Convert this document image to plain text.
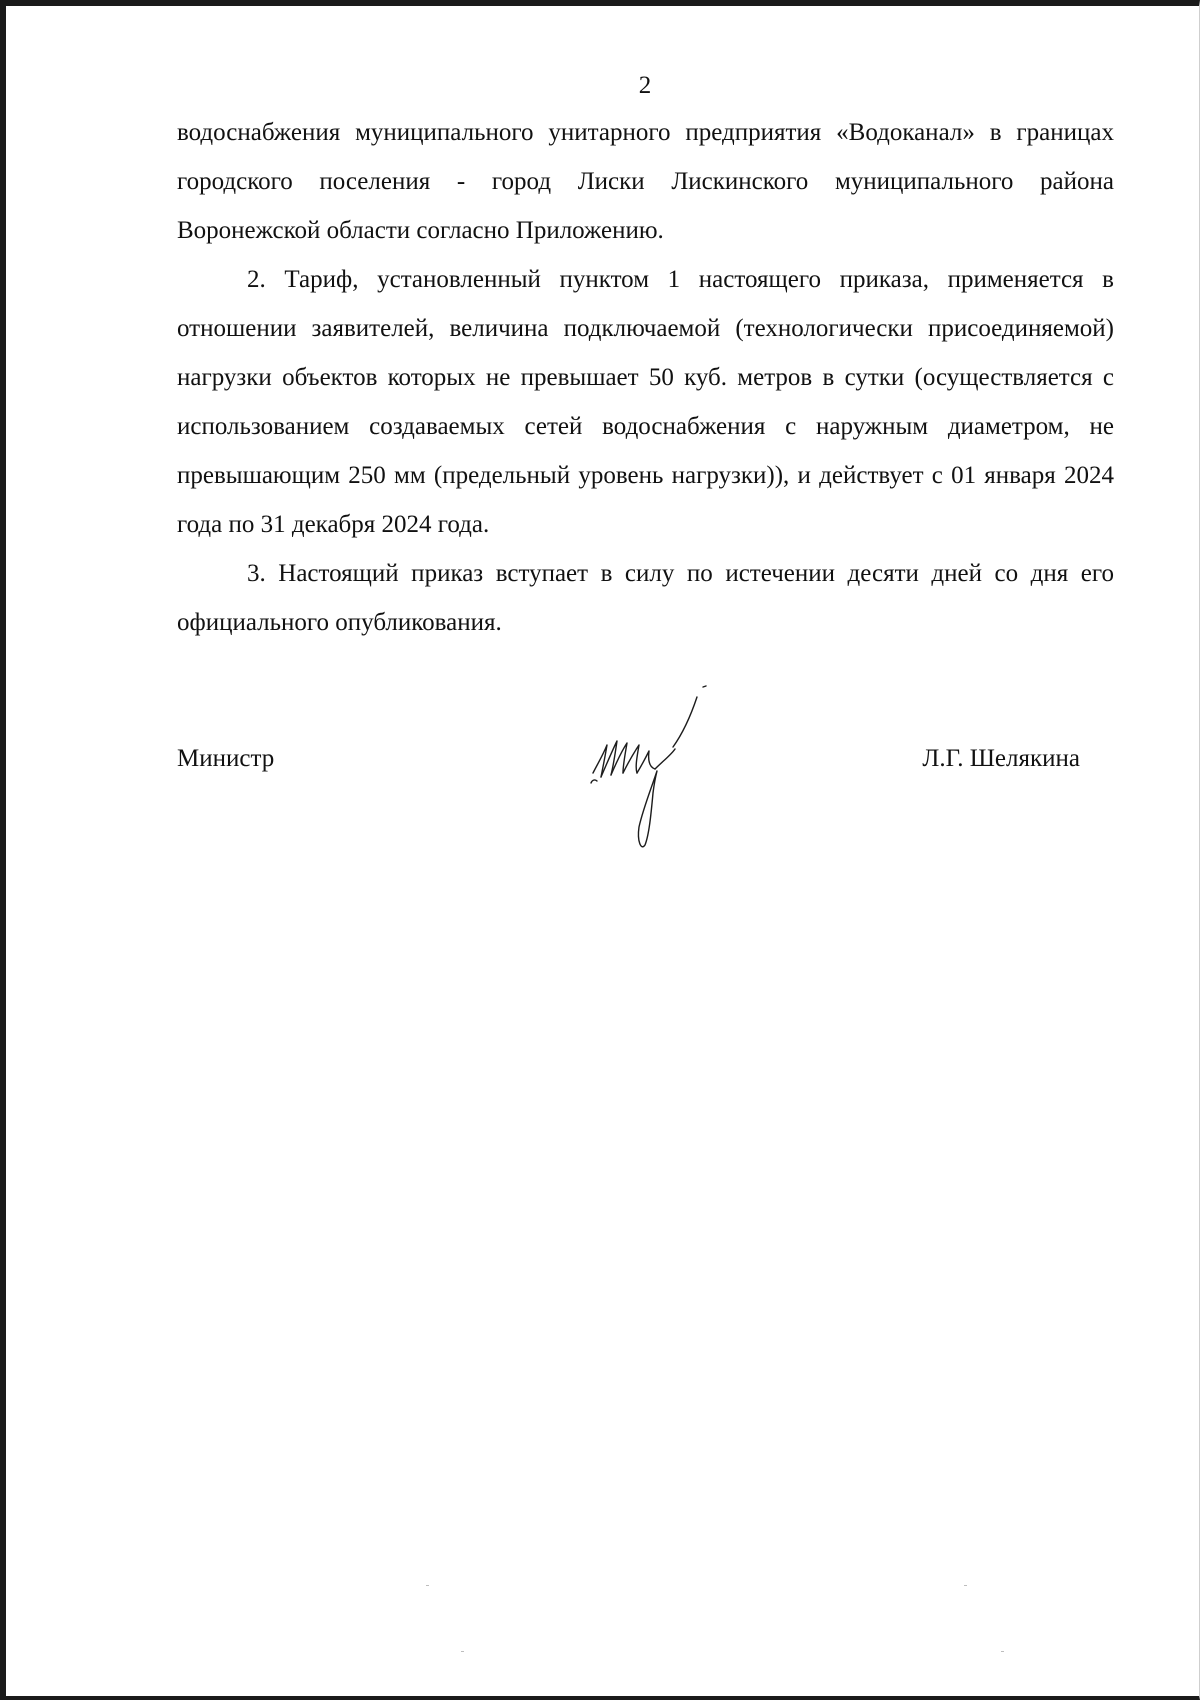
2

водоснабжения муниципального унитарного предприятия «Водоканал» в границах городского поселения - город Лиски Лискинского муниципального района Воронежской области согласно Приложению.

2. Тариф, установленный пунктом 1 настоящего приказа, применяется в отношении заявителей, величина подключаемой (технологически присоединяемой) нагрузки объектов которых не превышает 50 куб. метров в сутки (осуществляется с использованием создаваемых сетей водоснабжения с наружным диаметром, не превышающим 250 мм (предельный уровень нагрузки)), и действует с 01 января 2024 года по 31 декабря 2024 года.

3. Настоящий приказ вступает в силу по истечении десяти дней со дня его официального опубликования.

Министр	Л.Г. Шелякина
